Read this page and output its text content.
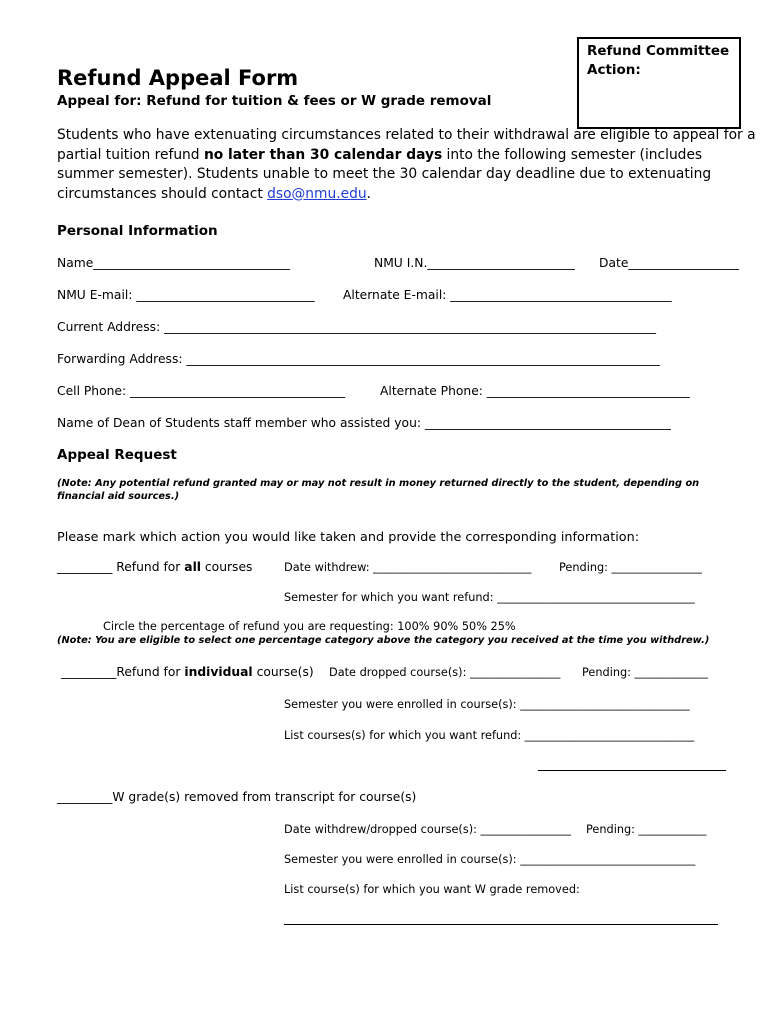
Refund Committee Action:
Refund Appeal Form
Appeal for: Refund for tuition & fees or W grade removal
Students who have extenuating circumstances related to their withdrawal are eligible to appeal for a partial tuition refund no later than 30 calendar days into the following semester (includes summer semester). Students unable to meet the 30 calendar day deadline due to extenuating circumstances should contact dso@nmu.edu.
Personal Information
Name________________________________	NMU I.N.________________________ Date__________________
NMU E-mail: _____________________________ Alternate E-mail: ____________________________________
Current Address: ________________________________________________________________________________
Forwarding Address: _____________________________________________________________________________
Cell Phone: ___________________________________	Alternate Phone: _________________________________
Name of Dean of Students staff member who assisted you: ________________________________________
Appeal Request
(Note: Any potential refund granted may or may not result in money returned directly to the student, depending on financial aid sources.)
Please mark which action you would like taken and provide the corresponding information:
_________ Refund for all courses	Date withdrew: ____________________________ Pending: ________________
Semester for which you want refund: ___________________________________
Circle the percentage of refund you are requesting: 100% 90% 50% 25%
(Note: You are eligible to select one percentage category above the category you received at the time you withdrew.)
_________Refund for individual course(s) Date dropped course(s): ________________ Pending: _____________
Semester you were enrolled in course(s): ______________________________
List courses(s) for which you want refund: ______________________________
_________W grade(s) removed from transcript for course(s)
Date withdrew/dropped course(s): ________________ Pending: ____________
Semester you were enrolled in course(s): _______________________________
List course(s) for which you want W grade removed:
